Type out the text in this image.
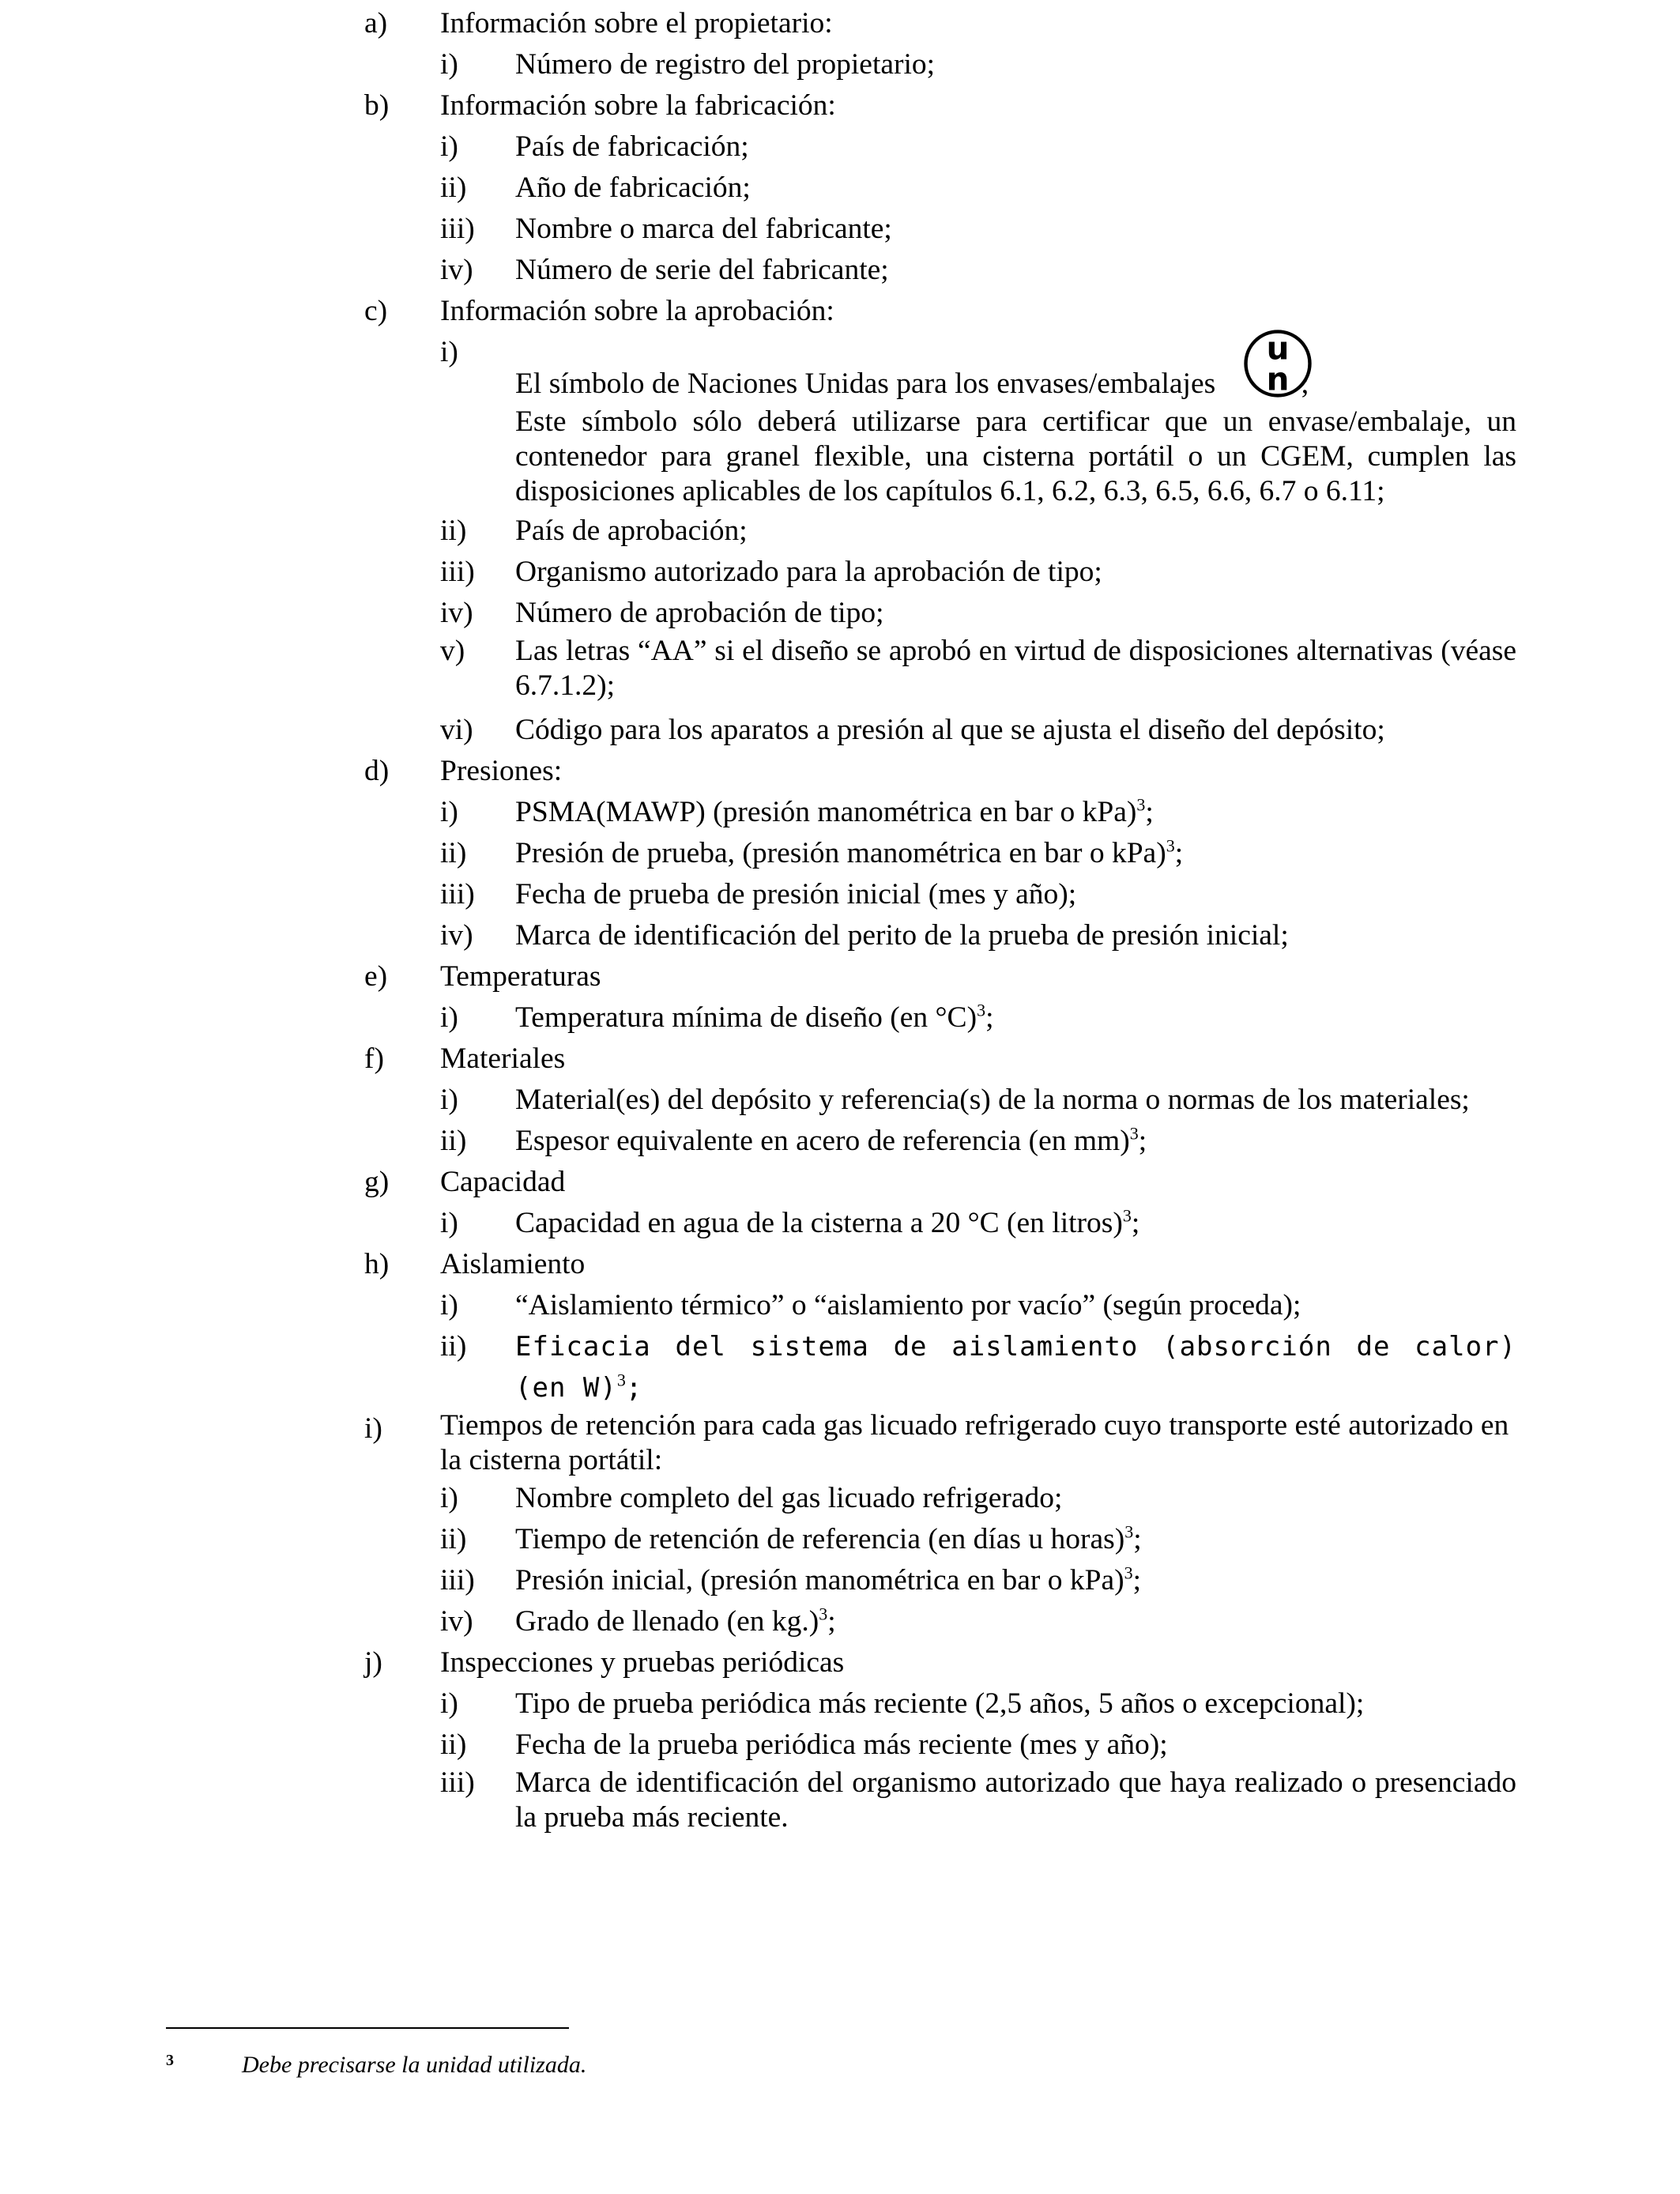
a) Información sobre el propietario:
i) Número de registro del propietario;
b) Información sobre la fabricación:
i) País de fabricación;
ii) Año de fabricación;
iii) Nombre o marca del fabricante;
iv) Número de serie del fabricante;
c) Información sobre la aprobación:
i)
El símbolo de Naciones Unidas para los envases/embalajes
u
n ;
Este símbolo sólo deberá utilizarse para certificar que un envase/embalaje, un contenedor para granel flexible, una cisterna portátil o un CGEM, cumplen las disposiciones aplicables de los capítulos 6.1, 6.2, 6.3, 6.5, 6.6, 6.7 o 6.11;
ii) País de aprobación;
iii) Organismo autorizado para la aprobación de tipo;
iv) Número de aprobación de tipo;
v) Las letras “AA” si el diseño se aprobó en virtud de disposiciones alternativas (véase 6.7.1.2);
vi) Código para los aparatos a presión al que se ajusta el diseño del depósito;
d) Presiones:
i) PSMA(MAWP) (presión manométrica en bar o kPa)$^3$;
ii) Presión de prueba, (presión manométrica en bar o kPa)$^3$;
iii) Fecha de prueba de presión inicial (mes y año);
iv) Marca de identificación del perito de la prueba de presión inicial;
e) Temperaturas
i) Temperatura mínima de diseño (en °C)$^3$;
f) Materiales
i) Material(es) del depósito y referencia(s) de la norma o normas de los materiales;
ii) Espesor equivalente en acero de referencia (en mm)$^3$;
g) Capacidad
i) Capacidad en agua de la cisterna a 20 °C (en litros)$^3$;
h) Aislamiento
i) “Aislamiento térmico” o “aislamiento por vacío” (según proceda);
ii) Eficacia del sistema de aislamiento (absorción de calor) (en W)$^3$;
i) Tiempos de retención para cada gas licuado refrigerado cuyo transporte esté autorizado en la cisterna portátil:
i) Nombre completo del gas licuado refrigerado;
ii) Tiempo de retención de referencia (en días u horas)$^3$;
iii) Presión inicial, (presión manométrica en bar o kPa)$^3$;
iv) Grado de llenado (en kg.)$^3$;
j) Inspecciones y pruebas periódicas
i) Tipo de prueba periódica más reciente (2,5 años, 5 años o excepcional);
ii) Fecha de la prueba periódica más reciente (mes y año);
iii) Marca de identificación del organismo autorizado que haya realizado o presenciado la prueba más reciente.
3	Debe precisarse la unidad utilizada.
